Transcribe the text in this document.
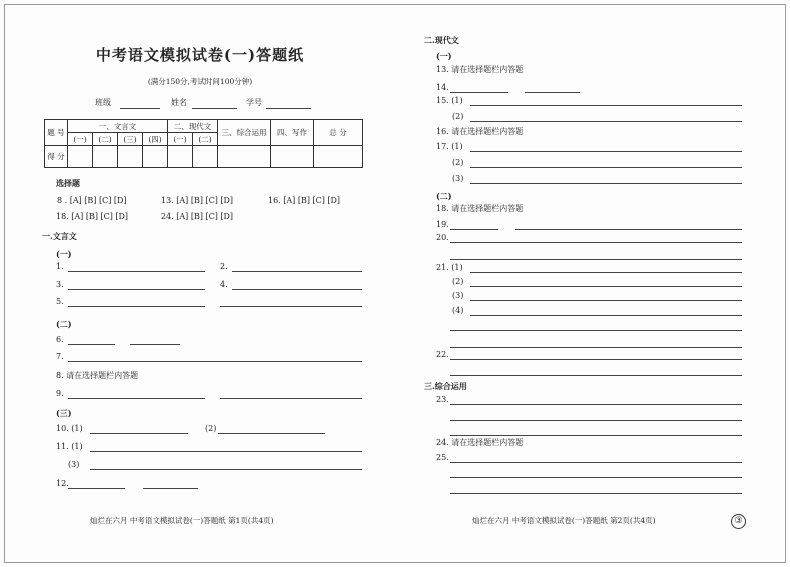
中考语文模拟试卷(一)答题纸
(满分150分,考试时间100分钟)
班级	姓名	学号
题 号	一、文言文				二、现代文		三、综合运用	四、写作	总 分
	(一)	(二)	(三)	(四)	(一)	(二)			
得 分									
选择题
8 . [A] [B] [C] [D]	13. [A] [B] [C] [D]	16. [A] [B] [C] [D]
18. [A] [B] [C] [D]	24. [A] [B] [C] [D]
一.文言文
(一)
(二)
(三)
二.现代文
(一)
(二)
三.综合运用
1.	2.
3.	4.
5.
6.
7.
8. 请在选择题栏内答题
9.
10. (1)	(2)
11. (1)
(3)
12.
13. 请在选择题栏内答题
14.
15. (1)
(2)
16. 请在选择题栏内答题
17. (1)
(2)
(3)
18. 请在选择题栏内答题
19.
20.
21. (1)
(2)
(3)
(4)
22.
23.
24. 请在选择题栏内答题
25.
灿烂在六月 中考语文模拟试卷(一)答题纸 第1页(共4页)	灿烂在六月 中考语文模拟试卷(一)答题纸 第2页(共4页)	③
